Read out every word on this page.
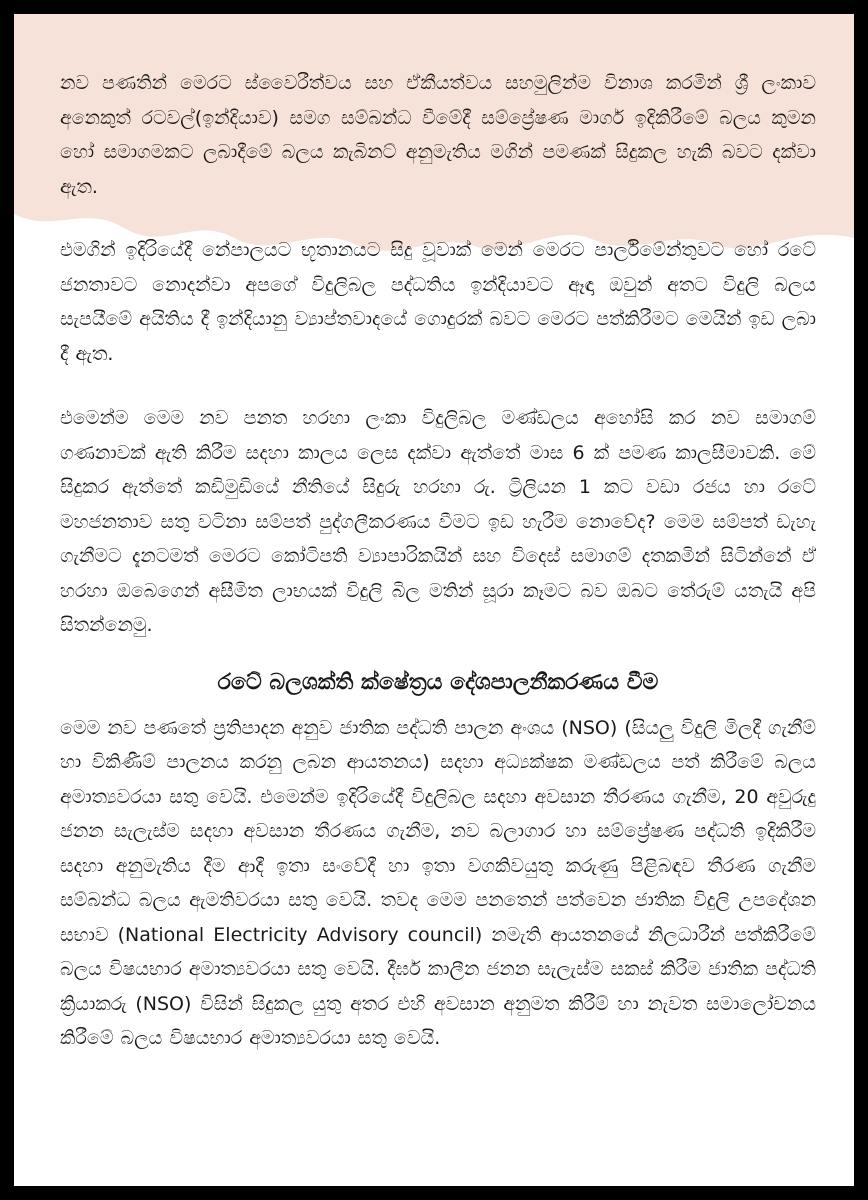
නව පණතින් මෙරට ස්වෛරීත්වය සහ ඒකීයත්වය සහමුලින්ම විනාශ කරමින් ශ්‍රී ලංකාව අනෙකුත් රටවල්(ඉන්දියාව) සමග සම්බන්ධ වීමේදී සම්ප්‍රේෂණ මාර්ග ඉදිකිරීමේ බලය කුමන හෝ සමාගමකට ලබාදීමේ බලය කැබිනට් අනුමැතිය මගින් පමණක් සිදුකල හැකි බවට දක්වා ඇත.

එමගින් ඉදිරියේදී නේපාලයට භූතානයට සිදු වූවාක් මෙන් මෙරට පාර්ලිමේන්තුවට හෝ රටේ ජනතාවට නොදන්වා අපගේ විදුලිබල පද්ධතිය ඉන්දියාවට ඈඳා ඔවුන් අතට විදුලි බලය සැපයීමේ අයිතිය දී ඉන්දියානු ව්‍යාප්තවාදයේ ගොදුරක් බවට මෙරට පත්කිරීමට මෙයින් ඉඩ ලබා දී ඇත.

එමෙන්ම මෙම නව පනත හරහා ලංකා විදුලිබල මණ්ඩලය අහෝසි කර නව සමාගම් ගණනාවක් ඇති කිරීම සදහා කාලය ලෙස දක්වා ඇත්තේ මාස 6 ක් පමණ කාලසීමාවකි. මේ සිදුකර ඇත්තේ කඩිමුඩියේ නීතියේ සිදුරු හරහා රු. ට්‍රිලියන 1 කට වඩා රජය හා රටේ මහජනතාව සතු වටිනා සම්පත් පුද්ගලීකරණය වීමට ඉඩ හැරීම නොවේද? මෙම සම්පත් ඩැහැ ගැනීමට දැනටමත් මෙරට කෝටිපති ව්‍යාපාරිකයින් සහ විදෙස් සමාගම් දතකමින් සිටින්නේ ඒ හරහා ඔබෙගෙන් අසීමිත ලාභයක් විදුලි බිල මතින් සූරා කෑමට බව ඔබට තේරුම් යතැයි අපි සිතන්නෙමු.

රටේ බලශක්ති ක්ෂේත්‍රය දේශපාලනීකරණය වීම

මෙම නව පණතේ ප්‍රතිපාදන අනුව ජාතික පද්ධති පාලන අංශය (NSO) (සියලු විදුලි මිලදී ගැනීම් හා විකිණීම් පාලනය කරනු ලබන ආයතනය) සදහා අධ්‍යක්ෂක මණ්ඩලය පත් කිරීමේ බලය අමාත්‍යවරයා සතු වෙයි. එමෙන්ම ඉදිරියේදී විදුලිබල සදහා අවසාන තීරණය ගැනීම, 20 අවුරුදු ජනන සැලැස්ම සදහා අවසාන තීරණය ගැනීම, නව බලාගාර හා සම්ප්‍රේෂණ පද්ධති ඉදිකිරීම සදහා අනුමැතිය දීම ආදී ඉතා සංවේදී හා ඉතා වගකිවයුතු කරුණු පිළිබඳව තීරණ ගැනීම සම්බන්ධ බලය ඇමතිවරයා සතු වෙයි. තවද මෙම පනතෙන් පත්වෙන ජාතික විදුලි උපදේශන සභාව (National Electricity Advisory council) නමැති ආයතනයේ නිලධාරීන් පත්කිරීමේ බලය විෂයභාර අමාත්‍යවරයා සතු වෙයි. දීර්ඝ කාලීන ජනන සැලැස්ම සකස් කිරීම ජාතික පද්ධති ක්‍රියාකරු (NSO) විසින් සිදුකල යුතු අතර එහි අවසාන අනුමත කිරීම් හා නැවත සමාලෝචනය කිරීමේ බලය විෂයභාර අමාත්‍යවරයා සතු වෙයි.
